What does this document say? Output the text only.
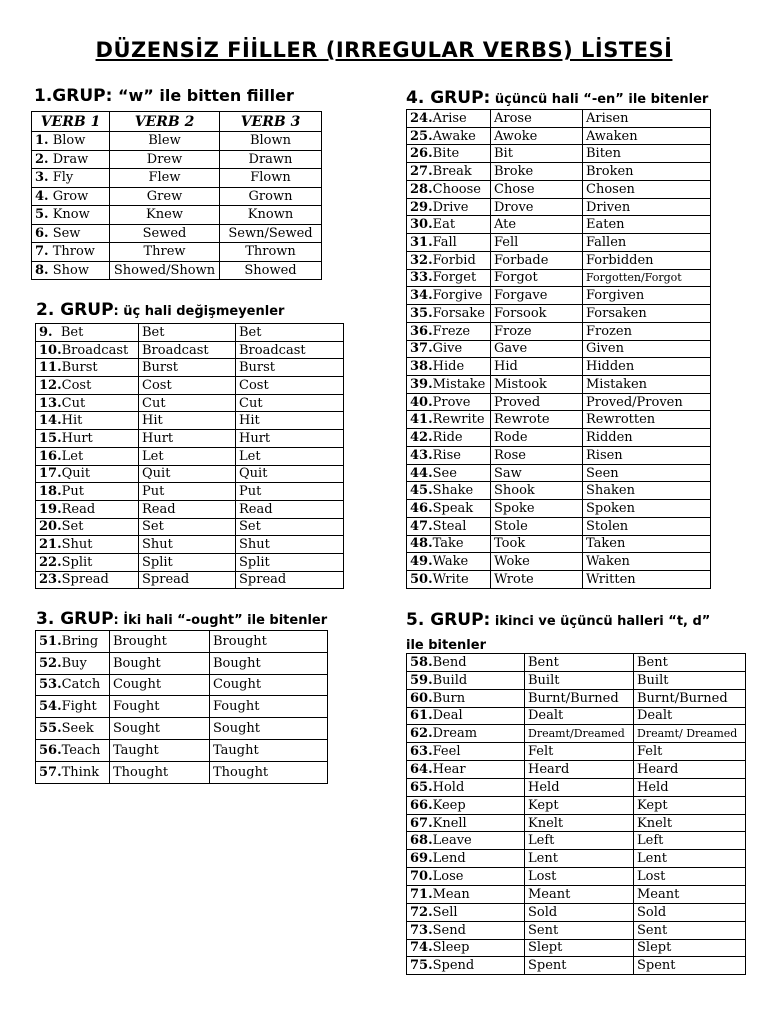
DÜZENSİZ FİİLLER (IRREGULAR VERBS) LİSTESİ
1.GRUP: “w” ile bitten fiiller
2. GRUP: üç hali değişmeyenler
3. GRUP: İki hali “-ought” ile bitenler
4. GRUP: üçüncü hali “-en” ile bitenler
5. GRUP: ikinci ve üçüncü halleri “t, d”
ile bitenler
VERB 1	VERB 2	VERB 3
1. Blow	Blew	Blown
2. Draw	Drew	Drawn
3. Fly	Flew	Flown
4. Grow	Grew	Grown
5. Know	Knew	Known
6. Sew	Sewed	Sewn/Sewed
7. Throw	Threw	Thrown
8. Show	Showed/Shown	Showed
9.  Bet	Bet	Bet
10.Broadcast	Broadcast	Broadcast
11.Burst	Burst	Burst
12.Cost	Cost	Cost
13.Cut	Cut	Cut
14.Hit	Hit	Hit
15.Hurt	Hurt	Hurt
16.Let	Let	Let
17.Quit	Quit	Quit
18.Put	Put	Put
19.Read	Read	Read
20.Set	Set	Set
21.Shut	Shut	Shut
22.Split	Split	Split
23.Spread	Spread	Spread
51.Bring	Brought	Brought
52.Buy	Bought	Bought
53.Catch	Cought	Cought
54.Fight	Fought	Fought
55.Seek	Sought	Sought
56.Teach	Taught	Taught
57.Think	Thought	Thought
24.Arise	Arose	Arisen
25.Awake	Awoke	Awaken
26.Bite	Bit	Biten
27.Break	Broke	Broken
28.Choose	Chose	Chosen
29.Drive	Drove	Driven
30.Eat	Ate	Eaten
31.Fall	Fell	Fallen
32.Forbid	Forbade	Forbidden
33.Forget	Forgot	Forgotten/Forgot
34.Forgive	Forgave	Forgiven
35.Forsake	Forsook	Forsaken
36.Freze	Froze	Frozen
37.Give	Gave	Given
38.Hide	Hid	Hidden
39.Mistake	Mistook	Mistaken
40.Prove	Proved	Proved/Proven
41.Rewrite	Rewrote	Rewrotten
42.Ride	Rode	Ridden
43.Rise	Rose	Risen
44.See	Saw	Seen
45.Shake	Shook	Shaken
46.Speak	Spoke	Spoken
47.Steal	Stole	Stolen
48.Take	Took	Taken
49.Wake	Woke	Waken
50.Write	Wrote	Written
58.Bend	Bent	Bent
59.Build	Built	Built
60.Burn	Burnt/Burned	Burnt/Burned
61.Deal	Dealt	Dealt
62.Dream	Dreamt/Dreamed	Dreamt/ Dreamed
63.Feel	Felt	Felt
64.Hear	Heard	Heard
65.Hold	Held	Held
66.Keep	Kept	Kept
67.Knell	Knelt	Knelt
68.Leave	Left	Left
69.Lend	Lent	Lent
70.Lose	Lost	Lost
71.Mean	Meant	Meant
72.Sell	Sold	Sold
73.Send	Sent	Sent
74.Sleep	Slept	Slept
75.Spend	Spent	Spent
